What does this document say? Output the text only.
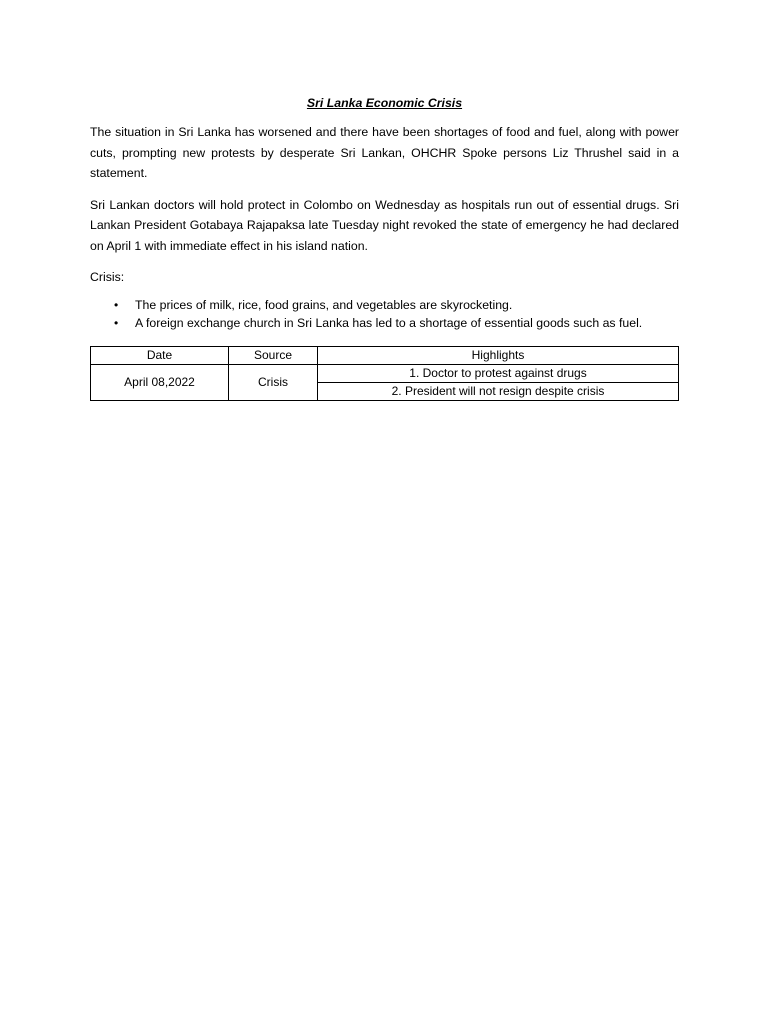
Sri Lanka Economic Crisis

The situation in Sri Lanka has worsened and there have been shortages of food and fuel, along with power cuts, prompting new protests by desperate Sri Lankan, OHCHR Spoke persons Liz Thrushel said in a statement.

Sri Lankan doctors will hold protect in Colombo on Wednesday as hospitals run out of essential drugs. Sri Lankan President Gotabaya Rajapaksa late Tuesday night revoked the state of emergency he had declared on April 1 with immediate effect in his island nation.

Crisis:

• The prices of milk, rice, food grains, and vegetables are skyrocketing.
• A foreign exchange church in Sri Lanka has led to a shortage of essential goods such as fuel.
Date	Source	Highlights
April 08,2022	Crisis	1. Doctor to protest against drugs
		2. President will not resign despite crisis
